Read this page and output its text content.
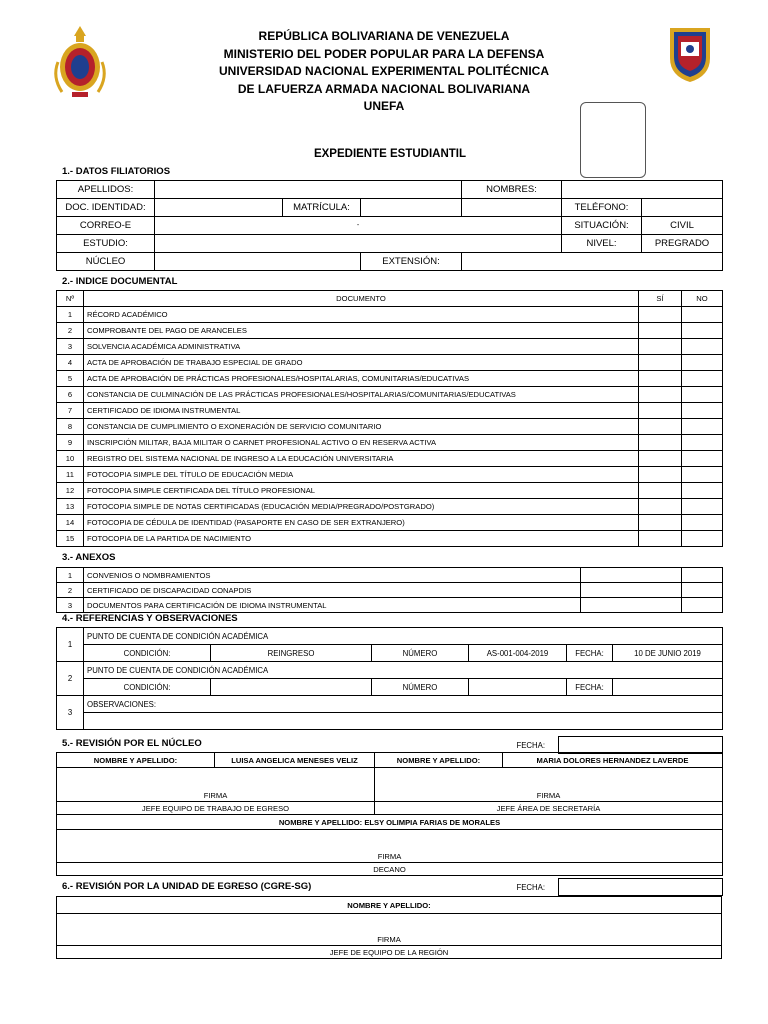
REPÚBLICA BOLIVARIANA DE VENEZUELA
MINISTERIO DEL PODER POPULAR PARA LA DEFENSA
UNIVERSIDAD NACIONAL EXPERIMENTAL POLITÉCNICA
DE LAFUERZA ARMADA NACIONAL BOLIVARIANA
UNEFA
EXPEDIENTE ESTUDIANTIL
1.- DATOS FILIATORIOS
APELLIDOS:				NOMBRES:		
DOC. IDENTIDAD:		MATRÍCULA:			TELÉFONO:	
CORREO-E	-				SITUACIÓN:	CIVIL
ESTUDIO:					NIVEL:	PREGRADO
NÚCLEO			EXTENSIÓN:			
2.- INDICE DOCUMENTAL
Nº	DOCUMENTO	SÍ	NO
1	RÉCORD ACADÉMICO		
2	COMPROBANTE DEL PAGO DE ARANCELES		
3	SOLVENCIA ACADÉMICA ADMINISTRATIVA		
4	ACTA DE APROBACIÓN DE TRABAJO ESPECIAL DE GRADO		
5	ACTA DE APROBACIÓN DE PRÁCTICAS PROFESIONALES/HOSPITALARIAS, COMUNITARIAS/EDUCATIVAS		
6	CONSTANCIA DE CULMINACIÓN DE LAS PRÁCTICAS PROFESIONALES/HOSPITALARIAS/COMUNITARIAS/EDUCATIVAS		
7	CERTIFICADO DE IDIOMA INSTRUMENTAL		
8	CONSTANCIA DE CUMPLIMIENTO O EXONERACIÓN DE SERVICIO COMUNITARIO		
9	INSCRIPCIÓN MILITAR, BAJA MILITAR O CARNET PROFESIONAL ACTIVO O EN RESERVA ACTIVA		
10	REGISTRO DEL SISTEMA NACIONAL DE INGRESO A LA EDUCACIÓN UNIVERSITARIA		
11	FOTOCOPIA SIMPLE DEL TÍTULO DE EDUCACIÓN MEDIA		
12	FOTOCOPIA SIMPLE CERTIFICADA DEL TÍTULO PROFESIONAL		
13	FOTOCOPIA SIMPLE DE NOTAS CERTIFICADAS (EDUCACIÓN MEDIA/PREGRADO/POSTGRADO)		
14	FOTOCOPIA DE CÉDULA DE IDENTIDAD (PASAPORTE EN CASO DE SER EXTRANJERO)		
15	FOTOCOPIA DE LA PARTIDA DE NACIMIENTO		
3.- ANEXOS
1	CONVENIOS O NOMBRAMIENTOS		
2	CERTIFICADO DE DISCAPACIDAD CONAPDIS		
3	DOCUMENTOS PARA CERTIFICACIÓN DE IDIOMA INSTRUMENTAL		
4.- REFERENCIAS Y OBSERVACIONES
1	PUNTO DE CUENTA DE CONDICIÓN ACADÉMICA					
	CONDICIÓN:	REINGRESO	NÚMERO	AS-001-004-2019	FECHA:	10 DE JUNIO 2019
2	PUNTO DE CUENTA DE CONDICIÓN ACADÉMICA					
	CONDICIÓN:		NÚMERO		FECHA:	
3	OBSERVACIONES:					

5.- REVISIÓN POR EL NÚCLEO	FECHA:	
NOMBRE Y APELLIDO:	LUISA ANGELICA MENESES VELIZ	NOMBRE Y APELLIDO:	MARIA DOLORES HERNANDEZ LAVERDE
FIRMA		FIRMA	
JEFE EQUIPO DE TRABAJO DE EGRESO		JEFE ÁREA DE SECRETARÍA	
NOMBRE Y APELLIDO: ELSY OLIMPIA FARIAS DE MORALES			
FIRMA			
DECANO			
6.- REVISIÓN POR LA UNIDAD DE EGRESO (CGRE-SG)	FECHA:	
NOMBRE Y APELLIDO:
FIRMA
JEFE DE EQUIPO DE LA REGIÓN
